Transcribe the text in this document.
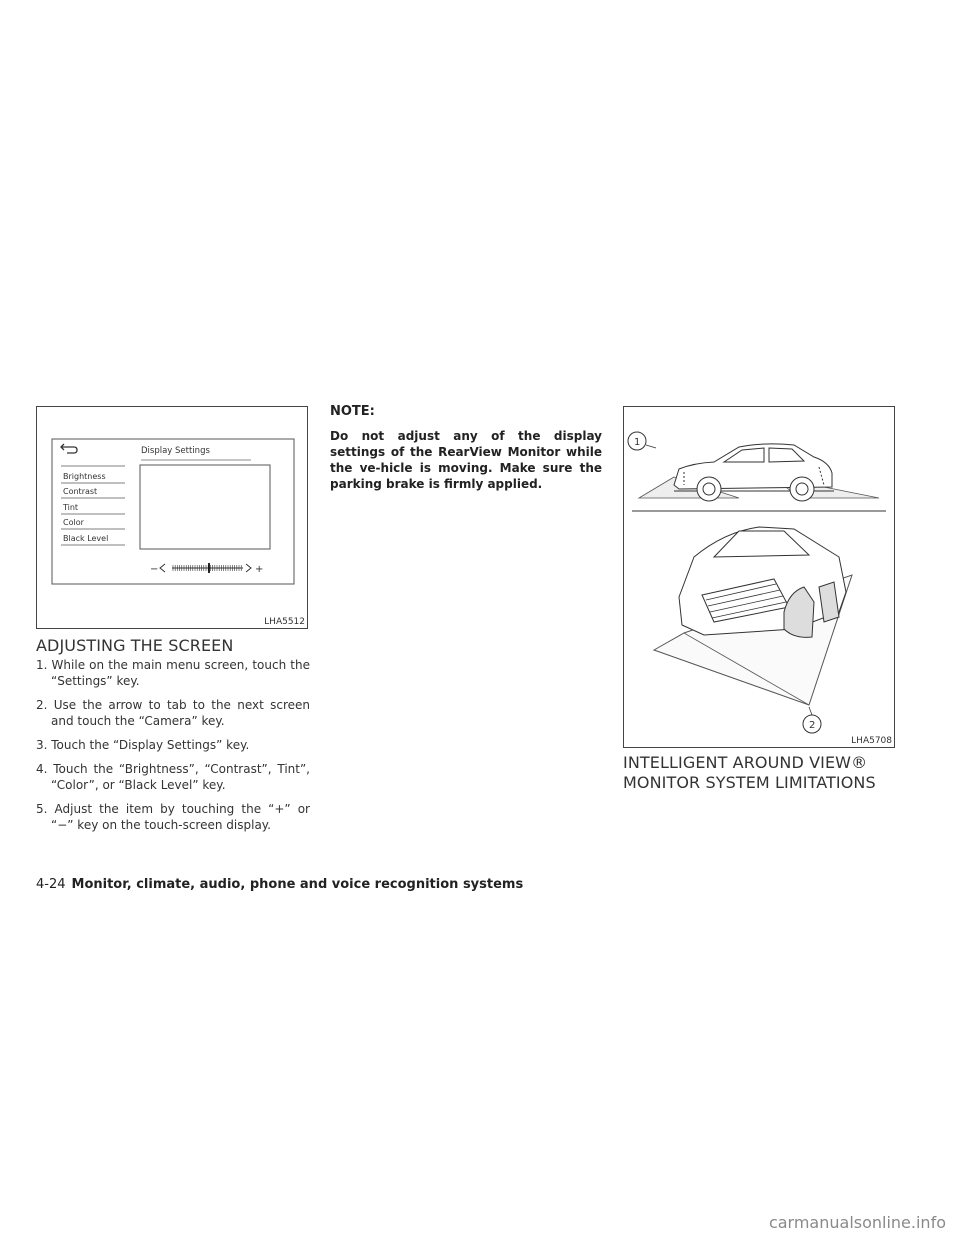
Display Settings
Brightness
Contrast
Tint
Color
Black Level
−	+
LHA5512
ADJUSTING THE SCREEN
1. While on the main menu screen, touch the “Settings” key.
2. Use the arrow to tab to the next screen and touch the “Camera” key.
3. Touch the “Display Settings” key.
4. Touch the “Brightness”, “Contrast”, Tint”, “Color”, or “Black Level” key.
5. Adjust the item by touching the “+” or “−” key on the touch-screen display.
NOTE:
Do not adjust any of the display settings of the RearView Monitor while the ve-hicle is moving. Make sure the parking brake is firmly applied.
1
2
LHA5708
INTELLIGENT AROUND VIEW®
MONITOR SYSTEM LIMITATIONS
4-24 Monitor, climate, audio, phone and voice recognition systems
carmanualsonline.info
